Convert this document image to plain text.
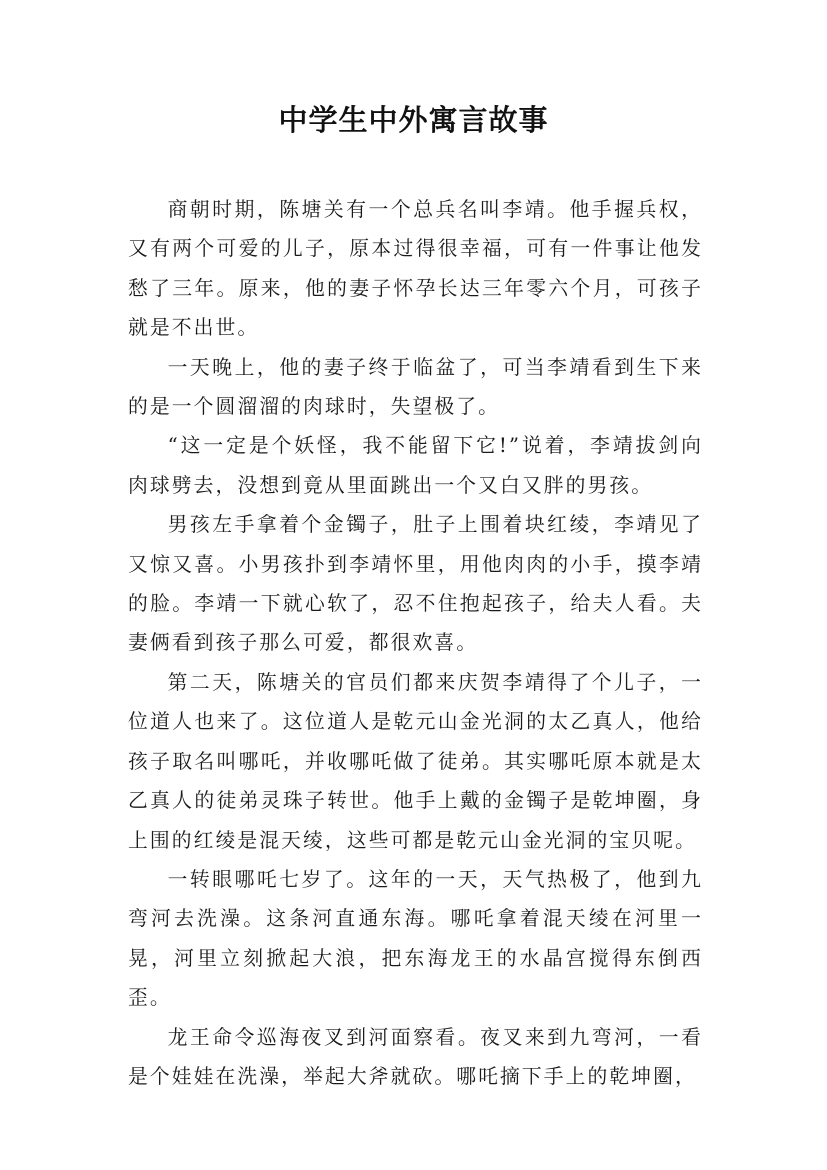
中学生中外寓言故事

商朝时期，陈塘关有一个总兵名叫李靖。他手握兵权，又有两个可爱的儿子，原本过得很幸福，可有一件事让他发愁了三年。原来，他的妻子怀孕长达三年零六个月，可孩子就是不出世。

一天晚上，他的妻子终于临盆了，可当李靖看到生下来的是一个圆溜溜的肉球时，失望极了。

“这一定是个妖怪，我不能留下它!”说着，李靖拔剑向肉球劈去，没想到竟从里面跳出一个又白又胖的男孩。

男孩左手拿着个金镯子，肚子上围着块红绫，李靖见了又惊又喜。小男孩扑到李靖怀里，用他肉肉的小手，摸李靖的脸。李靖一下就心软了，忍不住抱起孩子，给夫人看。夫妻俩看到孩子那么可爱，都很欢喜。

第二天，陈塘关的官员们都来庆贺李靖得了个儿子，一位道人也来了。这位道人是乾元山金光洞的太乙真人，他给孩子取名叫哪吒，并收哪吒做了徒弟。其实哪吒原本就是太乙真人的徒弟灵珠子转世。他手上戴的金镯子是乾坤圈，身上围的红绫是混天绫，这些可都是乾元山金光洞的宝贝呢。

一转眼哪吒七岁了。这年的一天，天气热极了，他到九弯河去洗澡。这条河直通东海。哪吒拿着混天绫在河里一晃，河里立刻掀起大浪，把东海龙王的水晶宫搅得东倒西歪。

龙王命令巡海夜叉到河面察看。夜叉来到九弯河，一看是个娃娃在洗澡，举起大斧就砍。哪吒摘下手上的乾坤圈，
